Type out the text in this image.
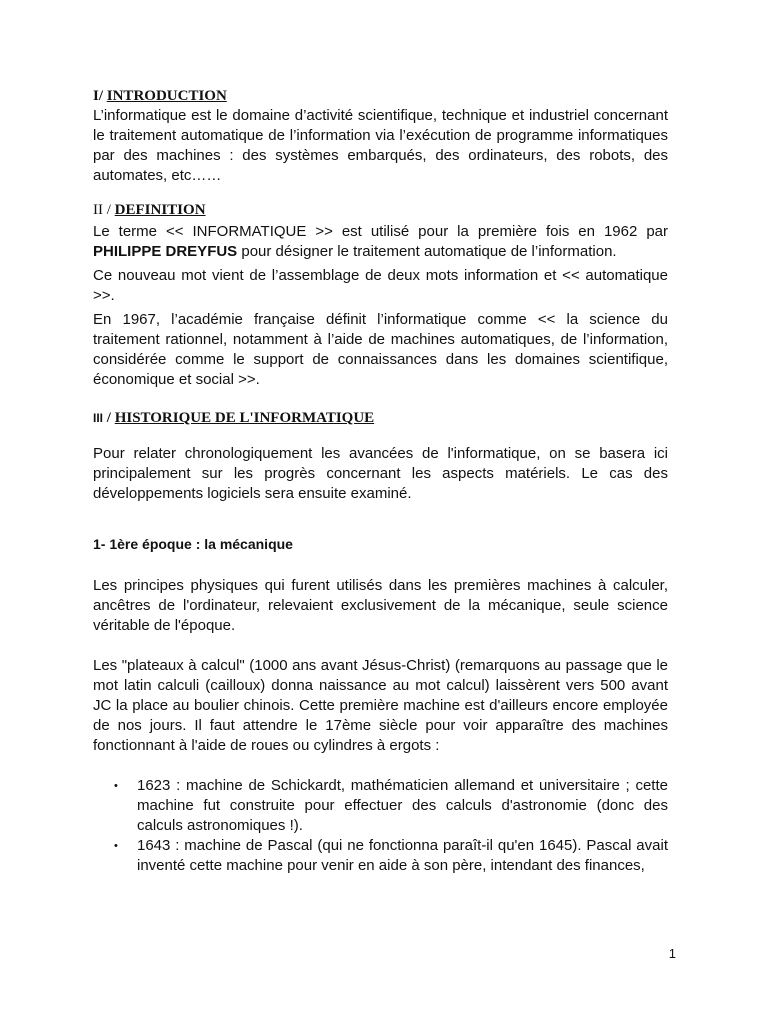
I/ INTRODUCTION

L’informatique est le domaine d’activité scientifique, technique et industriel concernant le traitement automatique de l’information via l’exécution de programme informatiques par des machines : des systèmes embarqués, des ordinateurs, des robots, des automates, etc……

II / DEFINITION

Le terme << INFORMATIQUE >> est utilisé pour la première fois en 1962 par PHILIPPE DREYFUS pour désigner le traitement automatique de l’information.

Ce nouveau mot vient de l’assemblage de deux mots information et << automatique >>.

En 1967, l’académie française définit l’informatique comme << la science du traitement rationnel, notamment à l’aide de machines automatiques, de l’information, considérée comme le support de connaissances dans les domaines scientifique, économique et social >>.

III / HISTORIQUE DE L'INFORMATIQUE

Pour relater chronologiquement les avancées de l'informatique, on se basera ici principalement sur les progrès concernant les aspects matériels. Le cas des développements logiciels sera ensuite examiné.

1- 1ère époque : la mécanique

Les principes physiques qui furent utilisés dans les premières machines à calculer, ancêtres de l'ordinateur, relevaient exclusivement de la mécanique, seule science véritable de l'époque.

Les "plateaux à calcul" (1000 ans avant Jésus-Christ) (remarquons au passage que le mot latin calculi (cailloux) donna naissance au mot calcul) laissèrent vers 500 avant JC la place au boulier chinois. Cette première machine est d'ailleurs encore employée de nos jours. Il faut attendre le 17ème siècle pour voir apparaître des machines fonctionnant à l'aide de roues ou cylindres à ergots :

• 1623 : machine de Schickardt, mathématicien allemand et universitaire ; cette machine fut construite pour effectuer des calculs d'astronomie (donc des calculs astronomiques !).
• 1643 : machine de Pascal (qui ne fonctionna paraît-il qu'en 1645). Pascal avait inventé cette machine pour venir en aide à son père, intendant des finances,
1
